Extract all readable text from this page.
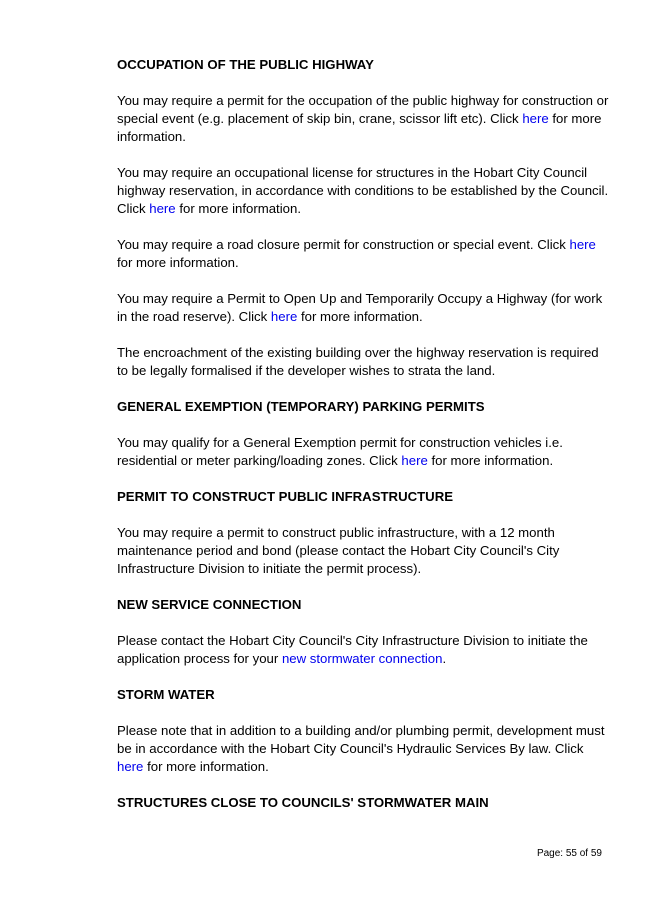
OCCUPATION OF THE PUBLIC HIGHWAY

You may require a permit for the occupation of the public highway for construction or special event (e.g. placement of skip bin, crane, scissor lift etc). Click here for more information.

You may require an occupational license for structures in the Hobart City Council highway reservation, in accordance with conditions to be established by the Council. Click here for more information.

You may require a road closure permit for construction or special event. Click here for more information.

You may require a Permit to Open Up and Temporarily Occupy a Highway (for work in the road reserve). Click here for more information.

The encroachment of the existing building over the highway reservation is required to be legally formalised if the developer wishes to strata the land.

GENERAL EXEMPTION (TEMPORARY) PARKING PERMITS

You may qualify for a General Exemption permit for construction vehicles i.e. residential or meter parking/loading zones. Click here for more information.

PERMIT TO CONSTRUCT PUBLIC INFRASTRUCTURE

You may require a permit to construct public infrastructure, with a 12 month maintenance period and bond (please contact the Hobart City Council's City Infrastructure Division to initiate the permit process).

NEW SERVICE CONNECTION

Please contact the Hobart City Council's City Infrastructure Division to initiate the application process for your new stormwater connection.

STORM WATER

Please note that in addition to a building and/or plumbing permit, development must be in accordance with the Hobart City Council's Hydraulic Services By law. Click here for more information.

STRUCTURES CLOSE TO COUNCILS' STORMWATER MAIN
Page: 55 of 59
